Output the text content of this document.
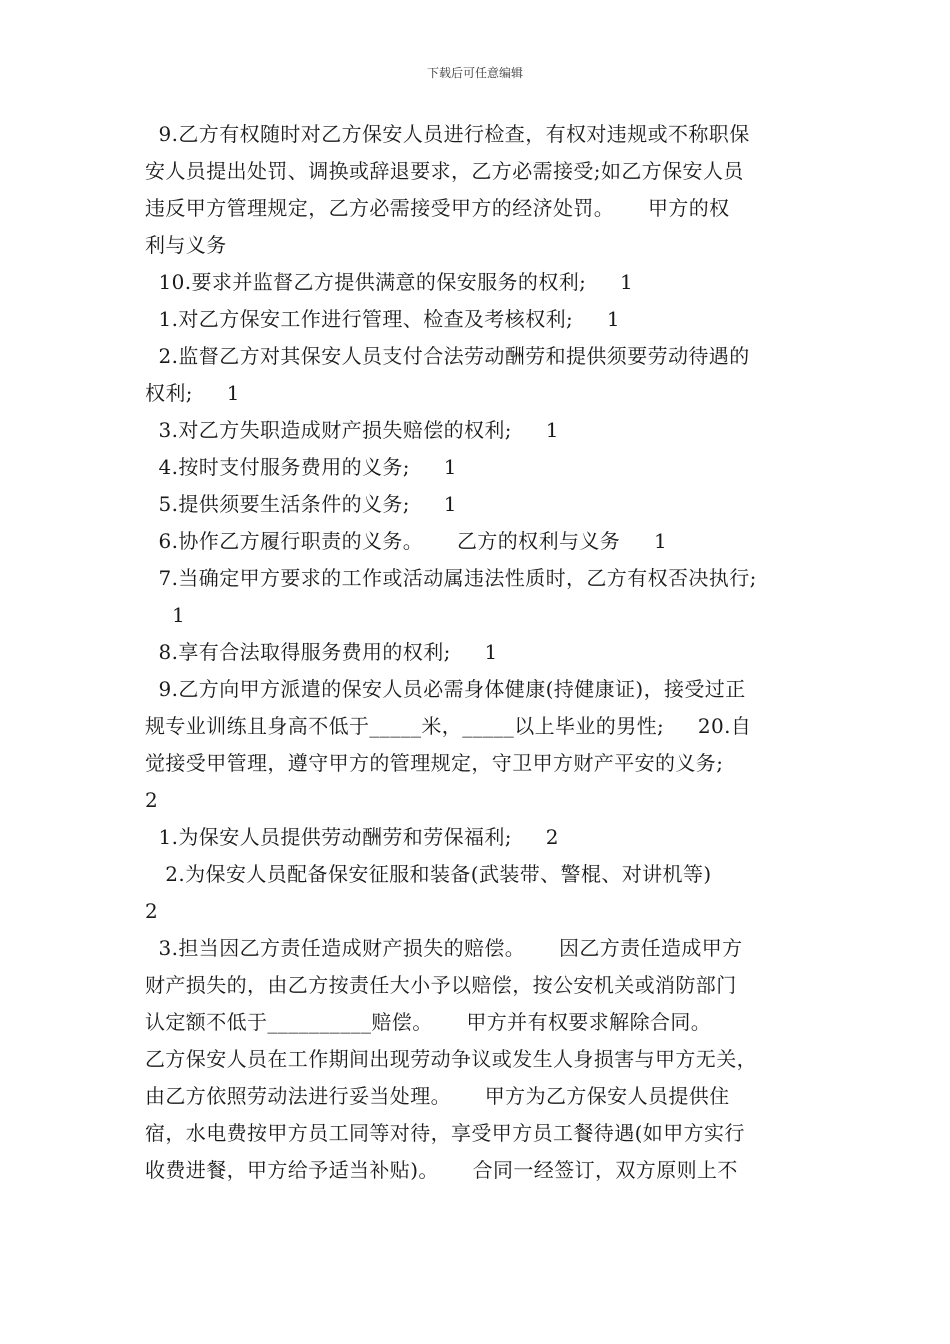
下载后可任意编辑
9.乙方有权随时对乙方保安人员进行检查，有权对违规或不称职保
安人员提出处罚、调换或辞退要求，乙方必需接受;如乙方保安人员
违反甲方管理规定，乙方必需接受甲方的经济处罚。     甲方的权
利与义务
10.要求并监督乙方提供满意的保安服务的权利;     1
1.对乙方保安工作进行管理、检查及考核权利;     1
2.监督乙方对其保安人员支付合法劳动酬劳和提供须要劳动待遇的
权利;     1
3.对乙方失职造成财产损失赔偿的权利;     1
4.按时支付服务费用的义务;     1
5.提供须要生活条件的义务;     1
6.协作乙方履行职责的义务。     乙方的权利与义务     1
7.当确定甲方要求的工作或活动属违法性质时，乙方有权否决执行;
1
8.享有合法取得服务费用的权利;     1
9.乙方向甲方派遣的保安人员必需身体健康(持健康证)，接受过正
规专业训练且身高不低于_____米，_____以上毕业的男性;     20.自
觉接受甲管理，遵守甲方的管理规定，守卫甲方财产平安的义务;
2
1.为保安人员提供劳动酬劳和劳保福利;     2
2.为保安人员配备保安征服和装备(武装带、警棍、对讲机等)
2
3.担当因乙方责任造成财产损失的赔偿。     因乙方责任造成甲方
财产损失的，由乙方按责任大小予以赔偿，按公安机关或消防部门
认定额不低于__________赔偿。     甲方并有权要求解除合同。
乙方保安人员在工作期间出现劳动争议或发生人身损害与甲方无关，
由乙方依照劳动法进行妥当处理。     甲方为乙方保安人员提供住
宿，水电费按甲方员工同等对待，享受甲方员工餐待遇(如甲方实行
收费进餐，甲方给予适当补贴)。     合同一经签订，双方原则上不
